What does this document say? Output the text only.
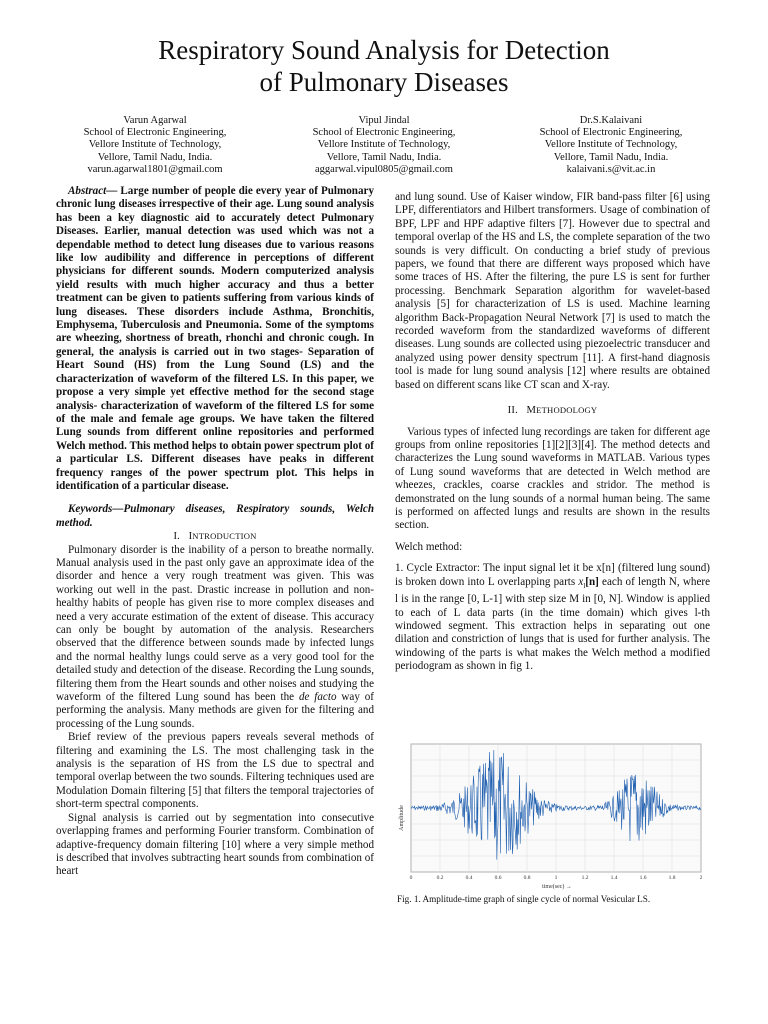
Respiratory Sound Analysis for Detection
of Pulmonary Diseases
Varun Agarwal
School of Electronic Engineering,
Vellore Institute of Technology,
Vellore, Tamil Nadu, India.
varun.agarwal1801@gmail.com
Vipul Jindal
School of Electronic Engineering,
Vellore Institute of Technology,
Vellore, Tamil Nadu, India.
aggarwal.vipul0805@gmail.com
Dr.S.Kalaivani
School of Electronic Engineering,
Vellore Institute of Technology,
Vellore, Tamil Nadu, India.
kalaivani.s@vit.ac.in

Abstract— Large number of people die every year of Pulmonary chronic lung diseases irrespective of their age. Lung sound analysis has been a key diagnostic aid to accurately detect Pulmonary Diseases. Earlier, manual detection was used which was not a dependable method to detect lung diseases due to various reasons like low audibility and difference in perceptions of different physicians for different sounds. Modern computerized analysis yield results with much higher accuracy and thus a better treatment can be given to patients suffering from various kinds of lung diseases. These disorders include Asthma, Bronchitis, Emphysema, Tuberculosis and Pneumonia. Some of the symptoms are wheezing, shortness of breath, rhonchi and chronic cough. In general, the analysis is carried out in two stages- Separation of Heart Sound (HS) from the Lung Sound (LS) and the characterization of waveform of the filtered LS. In this paper, we propose a very simple yet effective method for the second stage analysis- characterization of waveform of the filtered LS for some of the male and female age groups. We have taken the filtered Lung sounds from different online repositories and performed Welch method. This method helps to obtain power spectrum plot of a particular LS. Different diseases have peaks in different frequency ranges of the power spectrum plot. This helps in identification of a particular disease.

Keywords—Pulmonary diseases, Respiratory sounds, Welch method.

I. INTRODUCTION

Pulmonary disorder is the inability of a person to breathe normally. Manual analysis used in the past only gave an approximate idea of the disorder and hence a very rough treatment was given. This was working out well in the past. Drastic increase in pollution and non-healthy habits of people has given rise to more complex diseases and need a very accurate estimation of the extent of disease. This accuracy can only be bought by automation of the analysis. Researchers observed that the difference between sounds made by infected lungs and the normal healthy lungs could serve as a very good tool for the detailed study and detection of the disease. Recording the Lung sounds, filtering them from the Heart sounds and other noises and studying the waveform of the filtered Lung sound has been the de facto way of performing the analysis. Many methods are given for the filtering and processing of the Lung sounds.

Brief review of the previous papers reveals several methods of filtering and examining the LS. The most challenging task in the analysis is the separation of HS from the LS due to spectral and temporal overlap between the two sounds. Filtering techniques used are Modulation Domain filtering [5] that filters the temporal trajectories of short-term spectral components.

Signal analysis is carried out by segmentation into consecutive overlapping frames and performing Fourier transform. Combination of adaptive-frequency domain filtering [10] where a very simple method is described that involves subtracting heart sounds from combination of heart

and lung sound. Use of Kaiser window, FIR band-pass filter [6] using LPF, differentiators and Hilbert transformers. Usage of combination of BPF, LPF and HPF adaptive filters [7]. However due to spectral and temporal overlap of the HS and LS, the complete separation of the two sounds is very difficult. On conducting a brief study of previous papers, we found that there are different ways proposed which have some traces of HS. After the filtering, the pure LS is sent for further processing. Benchmark Separation algorithm for wavelet-based analysis [5] for characterization of LS is used. Machine learning algorithm Back-Propagation Neural Network [7] is used to match the recorded waveform from the standardized waveforms of different diseases. Lung sounds are collected using piezoelectric transducer and analyzed using power density spectrum [11]. A first-hand diagnosis tool is made for lung sound analysis [12] where results are obtained based on different scans like CT scan and X-ray.

II. METHODOLOGY

Various types of infected lung recordings are taken for different age groups from online repositories [1][2][3][4]. The method detects and characterizes the Lung sound waveforms in MATLAB. Various types of Lung sound waveforms that are detected in Welch method are wheezes, crackles, coarse crackles and stridor. The method is demonstrated on the lung sounds of a normal human being. The same is performed on affected lungs and results are shown in the results section.

Welch method:

1. Cycle Extractor: The input signal let it be x[n] (filtered lung sound) is broken down into L overlapping parts $x_l[n]$ each of length N, where l is in the range [0, L-1] with step size M in [0, N]. Window is applied to each of L data parts (in the time domain) which gives l-th windowed segment. This extraction helps in separating out one dilation and constriction of lungs that is used for further analysis. The windowing of the parts is what makes the Welch method a modified periodogram as shown in fig 1.

Amplitude
0	0.2	0.4	0.6	0.8	1	1.2	1.4	1.6	1.8	2
time(sec) →
Fig. 1. Amplitude-time graph of single cycle of normal Vesicular LS.
